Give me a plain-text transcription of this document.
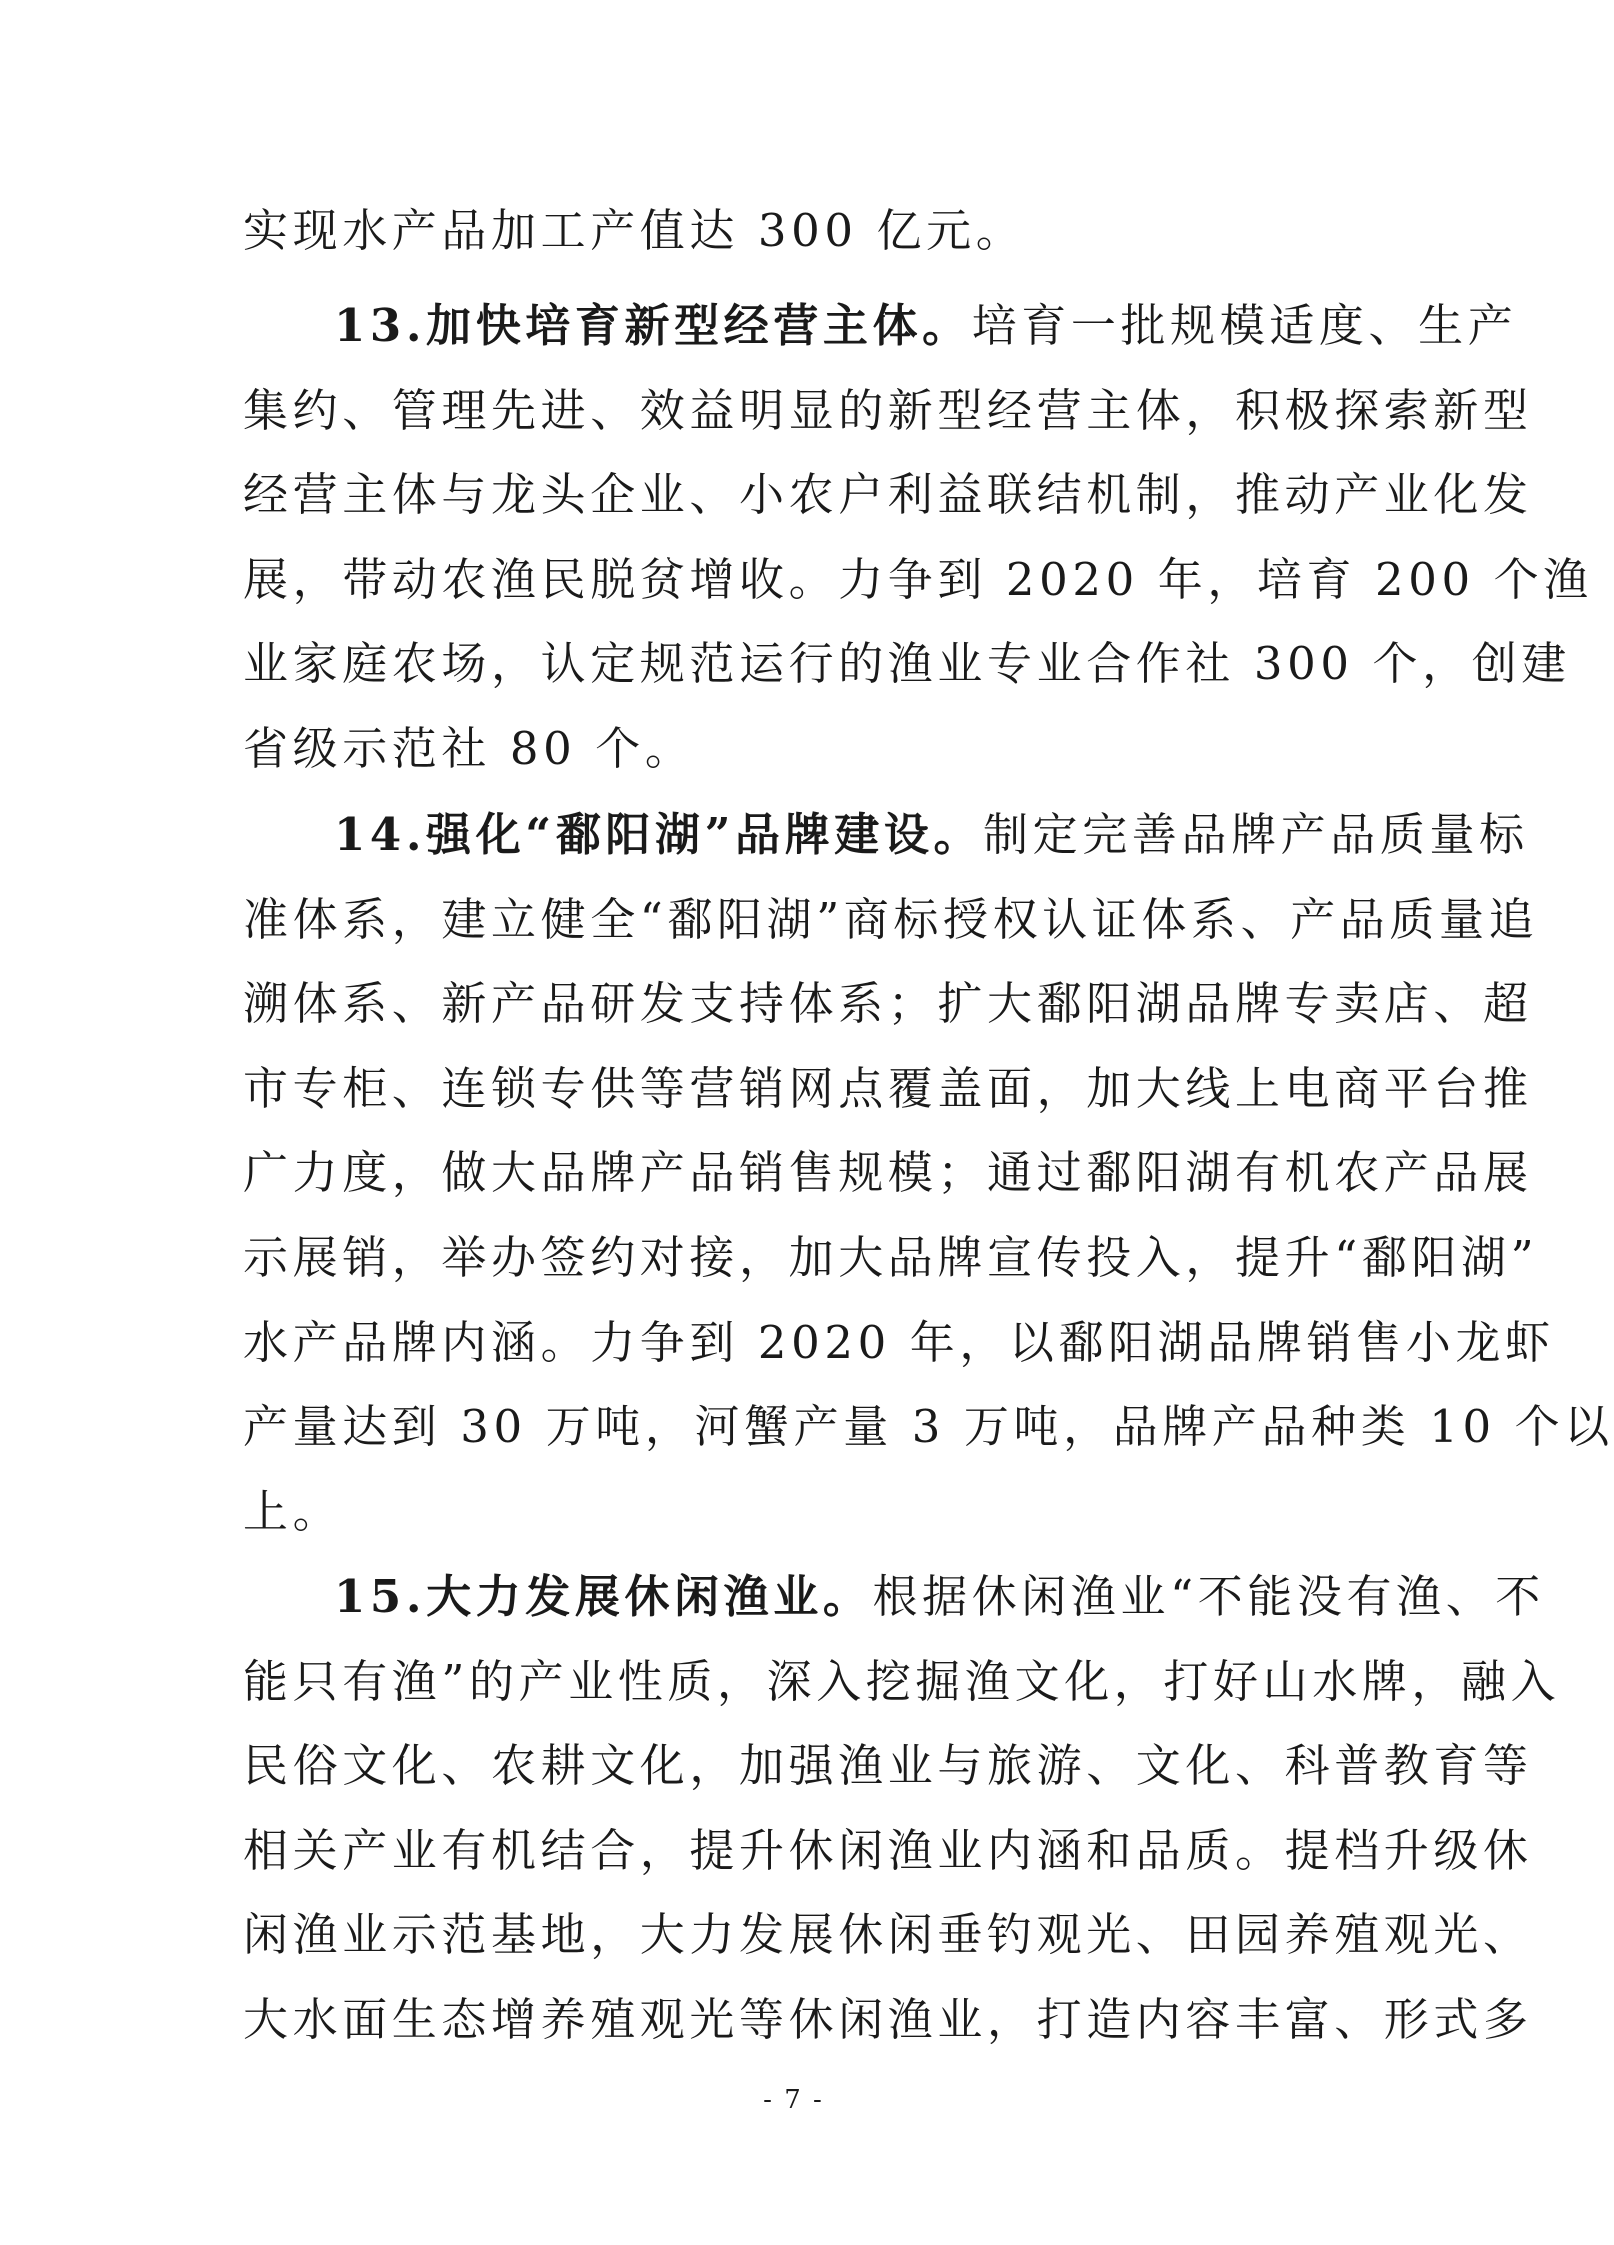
实现水产品加工产值达 300 亿元。
13.加快培育新型经营主体。培育一批规模适度、生产
集约、管理先进、效益明显的新型经营主体，积极探索新型
经营主体与龙头企业、小农户利益联结机制，推动产业化发
展，带动农渔民脱贫增收。力争到 2020 年，培育 200 个渔
业家庭农场，认定规范运行的渔业专业合作社 300 个，创建
省级示范社 80 个。
14.强化“鄱阳湖”品牌建设。制定完善品牌产品质量标
准体系，建立健全“鄱阳湖”商标授权认证体系、产品质量追
溯体系、新产品研发支持体系；扩大鄱阳湖品牌专卖店、超
市专柜、连锁专供等营销网点覆盖面，加大线上电商平台推
广力度，做大品牌产品销售规模；通过鄱阳湖有机农产品展
示展销，举办签约对接，加大品牌宣传投入，提升“鄱阳湖”
水产品牌内涵。力争到 2020 年，以鄱阳湖品牌销售小龙虾
产量达到 30 万吨，河蟹产量 3 万吨，品牌产品种类 10 个以
上。
15.大力发展休闲渔业。根据休闲渔业“不能没有渔、不
能只有渔”的产业性质，深入挖掘渔文化，打好山水牌，融入
民俗文化、农耕文化，加强渔业与旅游、文化、科普教育等
相关产业有机结合，提升休闲渔业内涵和品质。提档升级休
闲渔业示范基地，大力发展休闲垂钓观光、田园养殖观光、
大水面生态增养殖观光等休闲渔业，打造内容丰富、形式多
- 7 -
